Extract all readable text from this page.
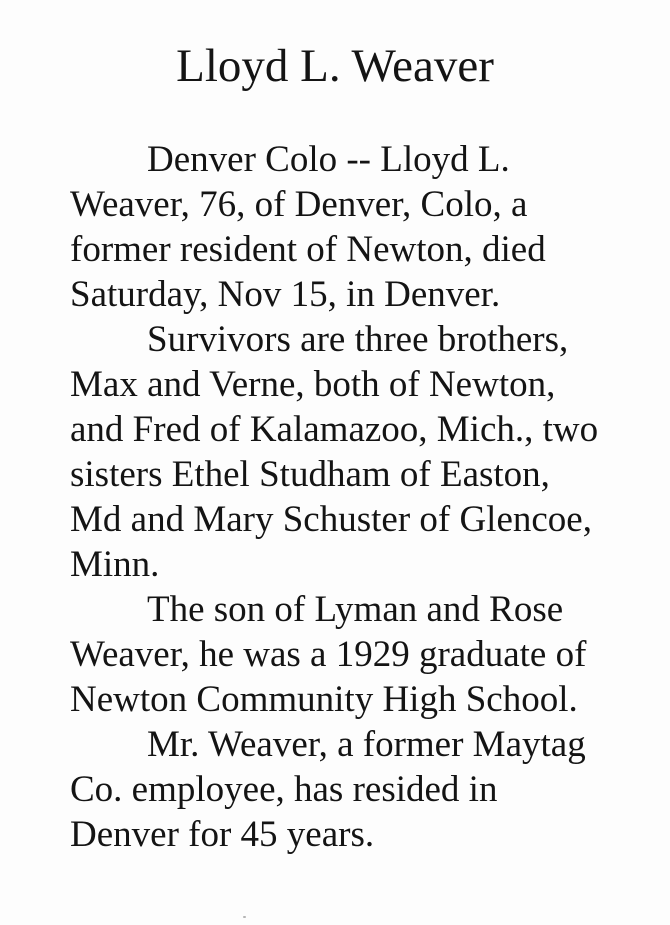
Lloyd L. Weaver
Denver Colo -- Lloyd L.
Weaver, 76, of Denver, Colo, a
former resident of Newton, died
Saturday, Nov 15, in Denver.
Survivors are three brothers,
Max and Verne, both of Newton,
and Fred of Kalamazoo, Mich., two
sisters Ethel Studham of Easton,
Md and Mary Schuster of Glencoe,
Minn.
The son of Lyman and Rose
Weaver, he was a 1929 graduate of
Newton Community High School.
Mr. Weaver, a former Maytag
Co. employee, has resided in
Denver for 45 years.
